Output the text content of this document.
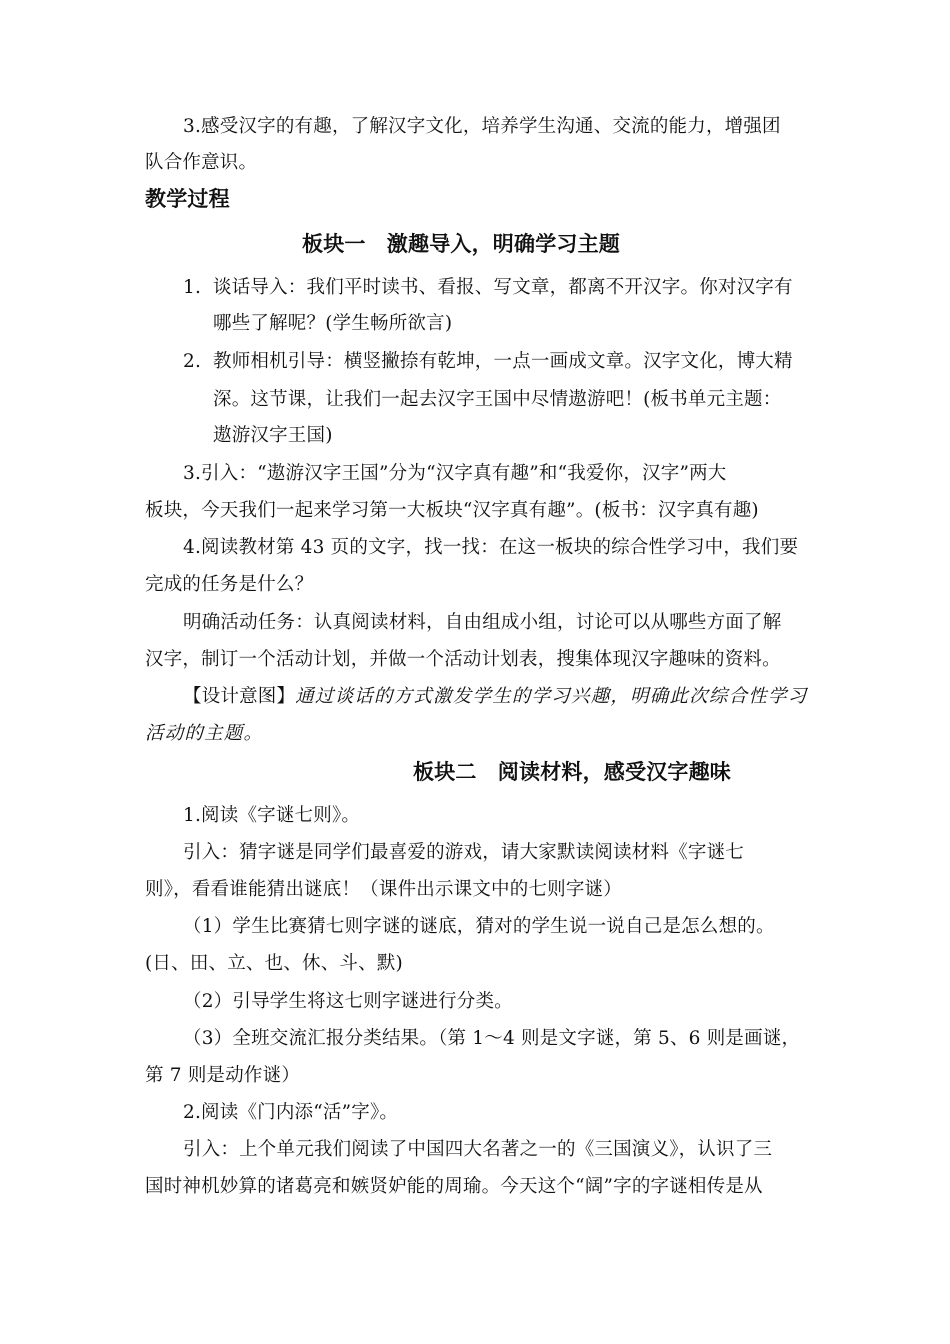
3.感受汉字的有趣，了解汉字文化，培养学生沟通、交流的能力，增强团
队合作意识。
教学过程
板块一　激趣导入，明确学习主题
1. 谈话导入：我们平时读书、看报、写文章，都离不开汉字。你对汉字有
哪些了解呢？(学生畅所欲言)
2. 教师相机引导：横竖撇捺有乾坤，一点一画成文章。汉字文化，博大精
深。这节课，让我们一起去汉字王国中尽情遨游吧！(板书单元主题：
遨游汉字王国)
3.引入：“遨游汉字王国”分为“汉字真有趣”和“我爱你，汉字”两大
板块，今天我们一起来学习第一大板块“汉字真有趣”。(板书：汉字真有趣)
4.阅读教材第 43 页的文字，找一找：在这一板块的综合性学习中，我们要
完成的任务是什么？
明确活动任务：认真阅读材料，自由组成小组，讨论可以从哪些方面了解
汉字，制订一个活动计划，并做一个活动计划表，搜集体现汉字趣味的资料。
【设计意图】通过谈话的方式激发学生的学习兴趣，明确此次综合性学习
活动的主题。
板块二　阅读材料，感受汉字趣味
1.阅读《字谜七则》。
引入：猜字谜是同学们最喜爱的游戏，请大家默读阅读材料《字谜七
则》，看看谁能猜出谜底！（课件出示课文中的七则字谜）
（1）学生比赛猜七则字谜的谜底，猜对的学生说一说自己是怎么想的。
(日、田、立、也、休、斗、默)
（2）引导学生将这七则字谜进行分类。
（3）全班交流汇报分类结果。（第 1～4 则是文字谜，第 5、6 则是画谜，
第 7 则是动作谜）
2.阅读《门内添“活”字》。
引入：上个单元我们阅读了中国四大名著之一的《三国演义》，认识了三
国时神机妙算的诸葛亮和嫉贤妒能的周瑜。今天这个“阔”字的字谜相传是从
